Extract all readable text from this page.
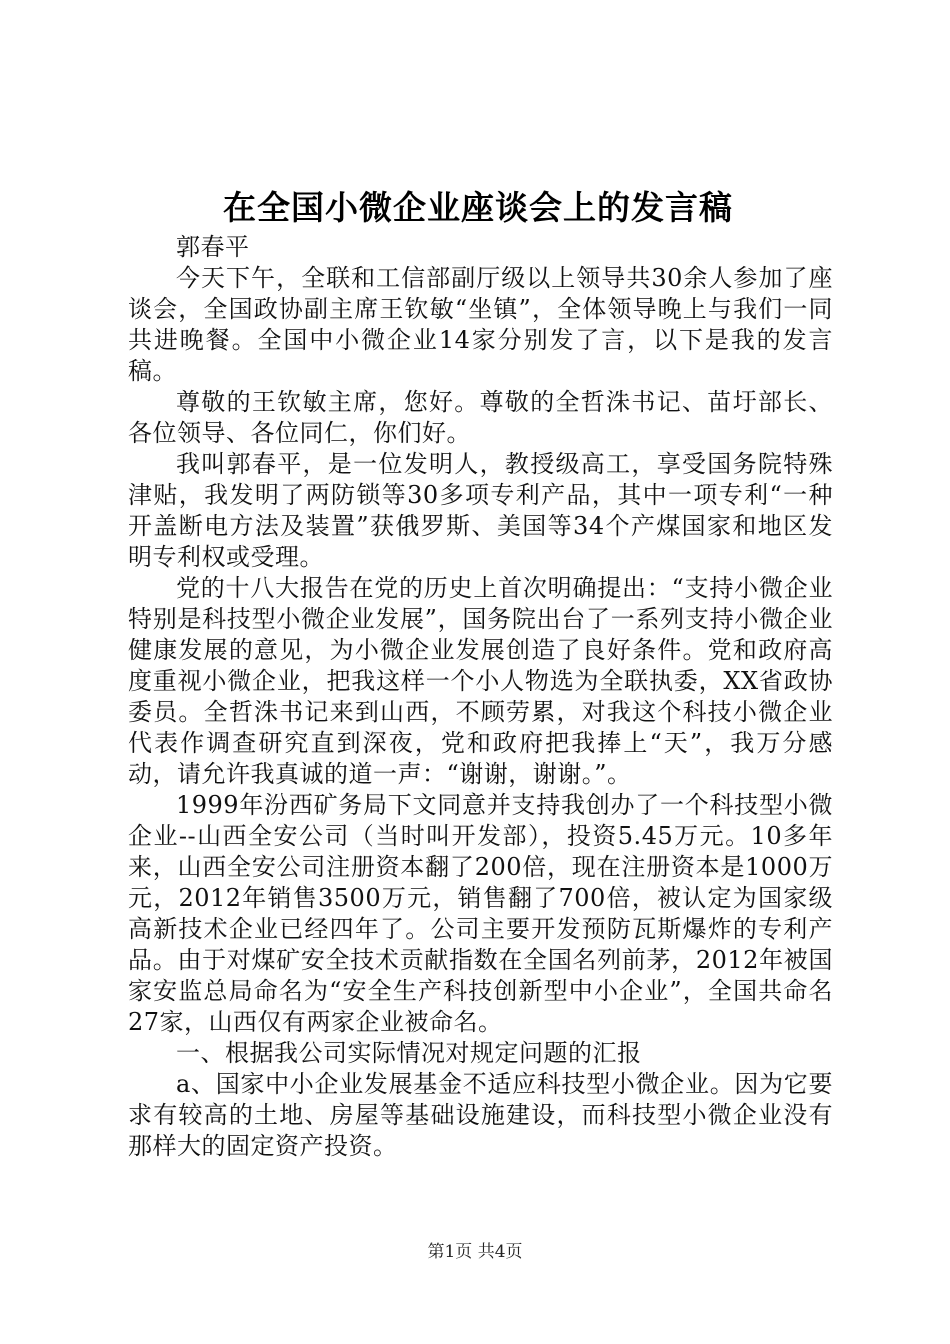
在全国小微企业座谈会上的发言稿

郭春平

今天下午，全联和工信部副厅级以上领导共30余人参加了座谈会，全国政协副主席王钦敏“坐镇”，全体领导晚上与我们一同共进晚餐。全国中小微企业14家分别发了言，以下是我的发言稿。

尊敬的王钦敏主席，您好。尊敬的全哲洙书记、苗圩部长、各位领导、各位同仁，你们好。

我叫郭春平，是一位发明人，教授级高工，享受国务院特殊津贴，我发明了两防锁等30多项专利产品，其中一项专利“一种开盖断电方法及装置”获俄罗斯、美国等34个产煤国家和地区发明专利权或受理。

党的十八大报告在党的历史上首次明确提出：“支持小微企业特别是科技型小微企业发展”，国务院出台了一系列支持小微企业健康发展的意见，为小微企业发展创造了良好条件。党和政府高度重视小微企业，把我这样一个小人物选为全联执委，XX省政协委员。全哲洙书记来到山西，不顾劳累，对我这个科技小微企业代表作调查研究直到深夜，党和政府把我捧上“天”，我万分感动，请允许我真诚的道一声：“谢谢，谢谢。”。

1999年汾西矿务局下文同意并支持我创办了一个科技型小微企业--山西全安公司（当时叫开发部），投资5.45万元。10多年来，山西全安公司注册资本翻了200倍，现在注册资本是1000万元，2012年销售3500万元，销售翻了700倍，被认定为国家级高新技术企业已经四年了。公司主要开发预防瓦斯爆炸的专利产品。由于对煤矿安全技术贡献指数在全国名列前茅，2012年被国家安监总局命名为“安全生产科技创新型中小企业”，全国共命名27家，山西仅有两家企业被命名。

一、根据我公司实际情况对规定问题的汇报

a、国家中小企业发展基金不适应科技型小微企业。因为它要求有较高的土地、房屋等基础设施建设，而科技型小微企业没有那样大的固定资产投资。

第1页 共4页
